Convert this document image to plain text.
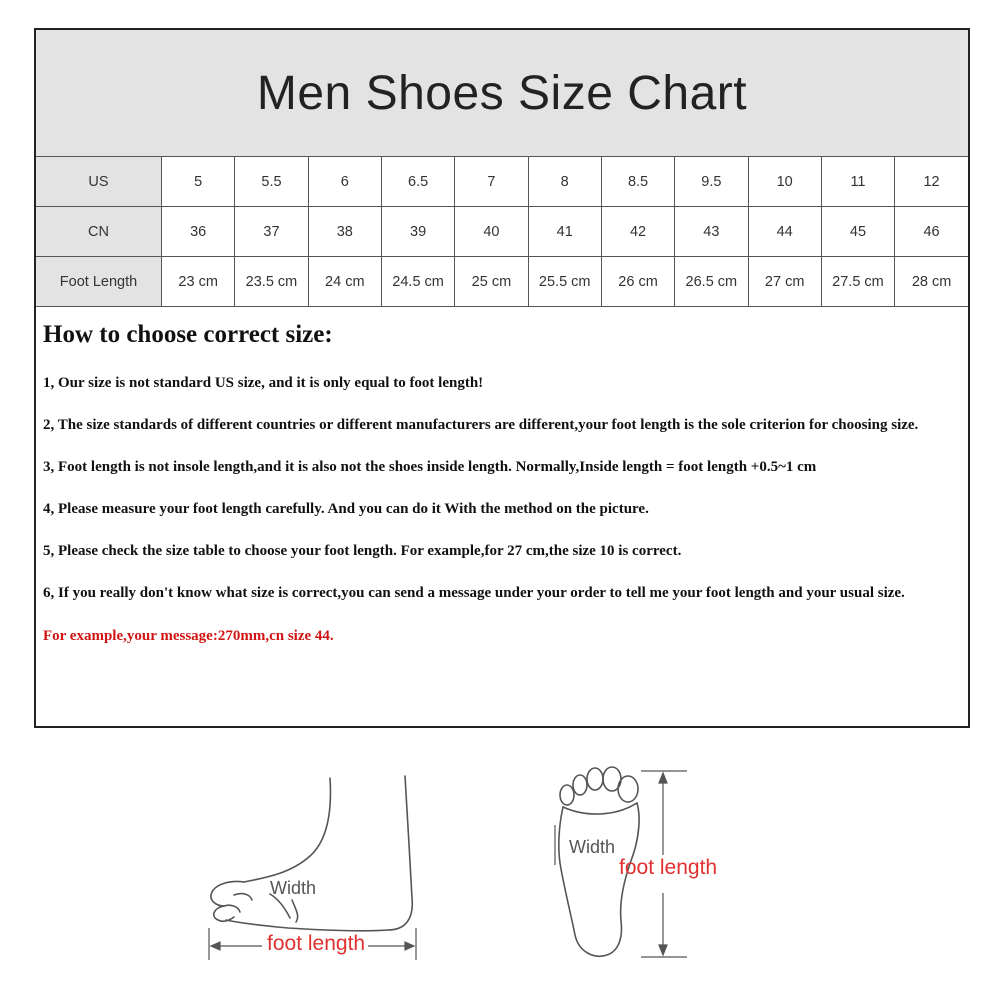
Men Shoes Size Chart
US	5	5.5	6	6.5	7	8	8.5	9.5	10	11	12
CN	36	37	38	39	40	41	42	43	44	45	46
Foot Length	23 cm	23.5 cm	24 cm	24.5 cm	25 cm	25.5 cm	26 cm	26.5 cm	27 cm	27.5 cm	28 cm
How to choose correct size:

1, Our size is not standard US size, and it is only equal to foot length!

2, The size standards of different countries or different manufacturers are different,your foot length is the sole criterion for choosing size.

3, Foot length is not insole length,and it is also not the shoes inside length. Normally,Inside length = foot length +0.5~1 cm

4, Please measure your foot length carefully. And you can do it With the method on the picture.

5, Please check the size table to choose your foot length. For example,for 27 cm,the size 10 is correct.

6, If you really don't know what size is correct,you can send a message under your order to tell me your foot length and your usual size.

For example,your message:270mm,cn size 44.

Width
foot length
Width
foot length
